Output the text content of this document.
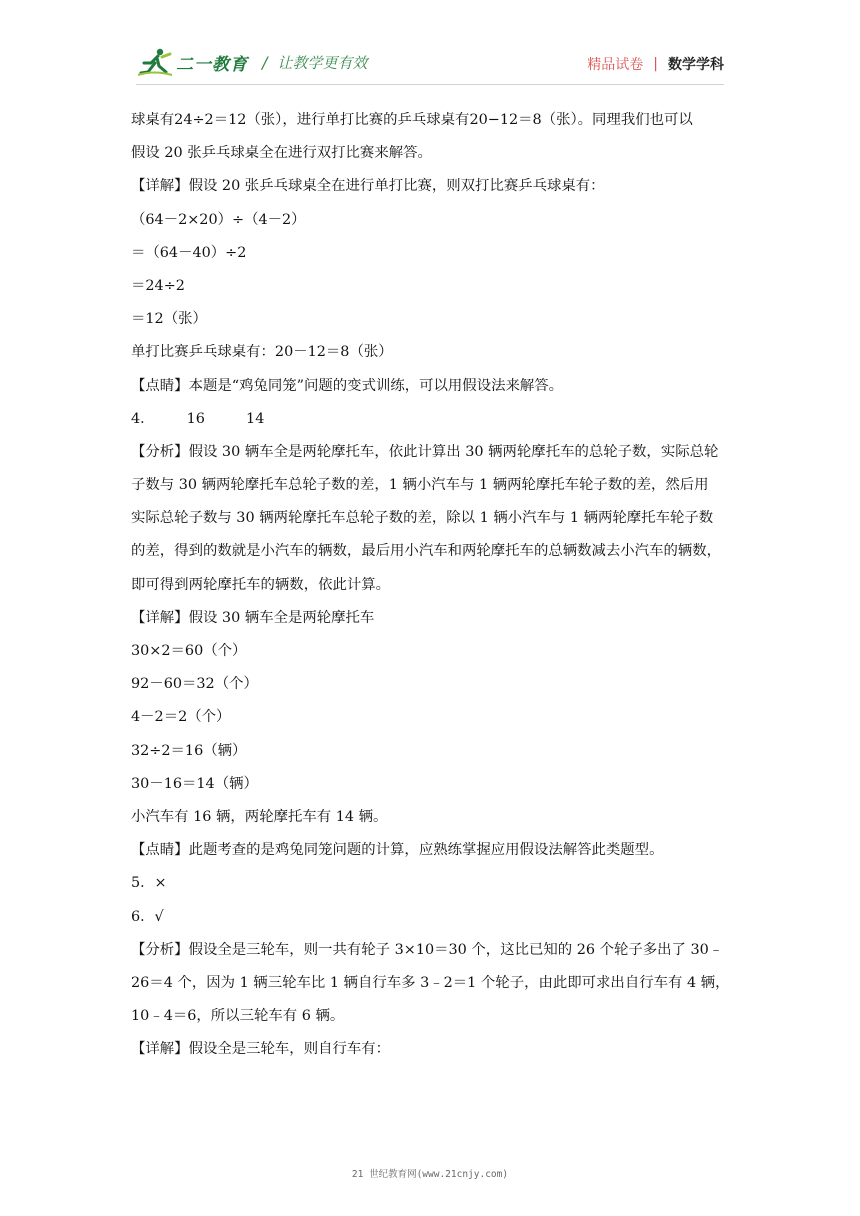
二一教育 / 让教学更有效	精品试卷 | 数学学科
球桌有24÷2＝12（张），进行单打比赛的乒乓球桌有20−12＝8（张）。同理我们也可以
假设 20 张乒乓球桌全在进行双打比赛来解答。
【详解】假设 20 张乒乓球桌全在进行单打比赛，则双打比赛乒乓球桌有：
（64－2×20）÷（4－2）
＝（64－40）÷2
＝24÷2
＝12（张）
单打比赛乒乓球桌有：20－12＝8（张）
【点睛】本题是“鸡兔同笼”问题的变式训练，可以用假设法来解答。
4．       16         14
【分析】假设 30 辆车全是两轮摩托车，依此计算出 30 辆两轮摩托车的总轮子数，实际总轮
子数与 30 辆两轮摩托车总轮子数的差，1 辆小汽车与 1 辆两轮摩托车轮子数的差，然后用
实际总轮子数与 30 辆两轮摩托车总轮子数的差，除以 1 辆小汽车与 1 辆两轮摩托车轮子数
的差，得到的数就是小汽车的辆数，最后用小汽车和两轮摩托车的总辆数减去小汽车的辆数，
即可得到两轮摩托车的辆数，依此计算。
【详解】假设 30 辆车全是两轮摩托车
30×2＝60（个）
92－60＝32（个）
4－2＝2（个）
32÷2＝16（辆）
30－16＝14（辆）
小汽车有 16 辆，两轮摩托车有 14 辆。
【点睛】此题考查的是鸡兔同笼问题的计算，应熟练掌握应用假设法解答此类题型。
5．×
6．√
【分析】假设全是三轮车，则一共有轮子 3×10＝30 个，这比已知的 26 个轮子多出了 30﹣
26＝4 个，因为 1 辆三轮车比 1 辆自行车多 3﹣2＝1 个轮子，由此即可求出自行车有 4 辆，
10﹣4＝6，所以三轮车有 6 辆。
【详解】假设全是三轮车，则自行车有：
21 世纪教育网(www.21cnjy.com)
